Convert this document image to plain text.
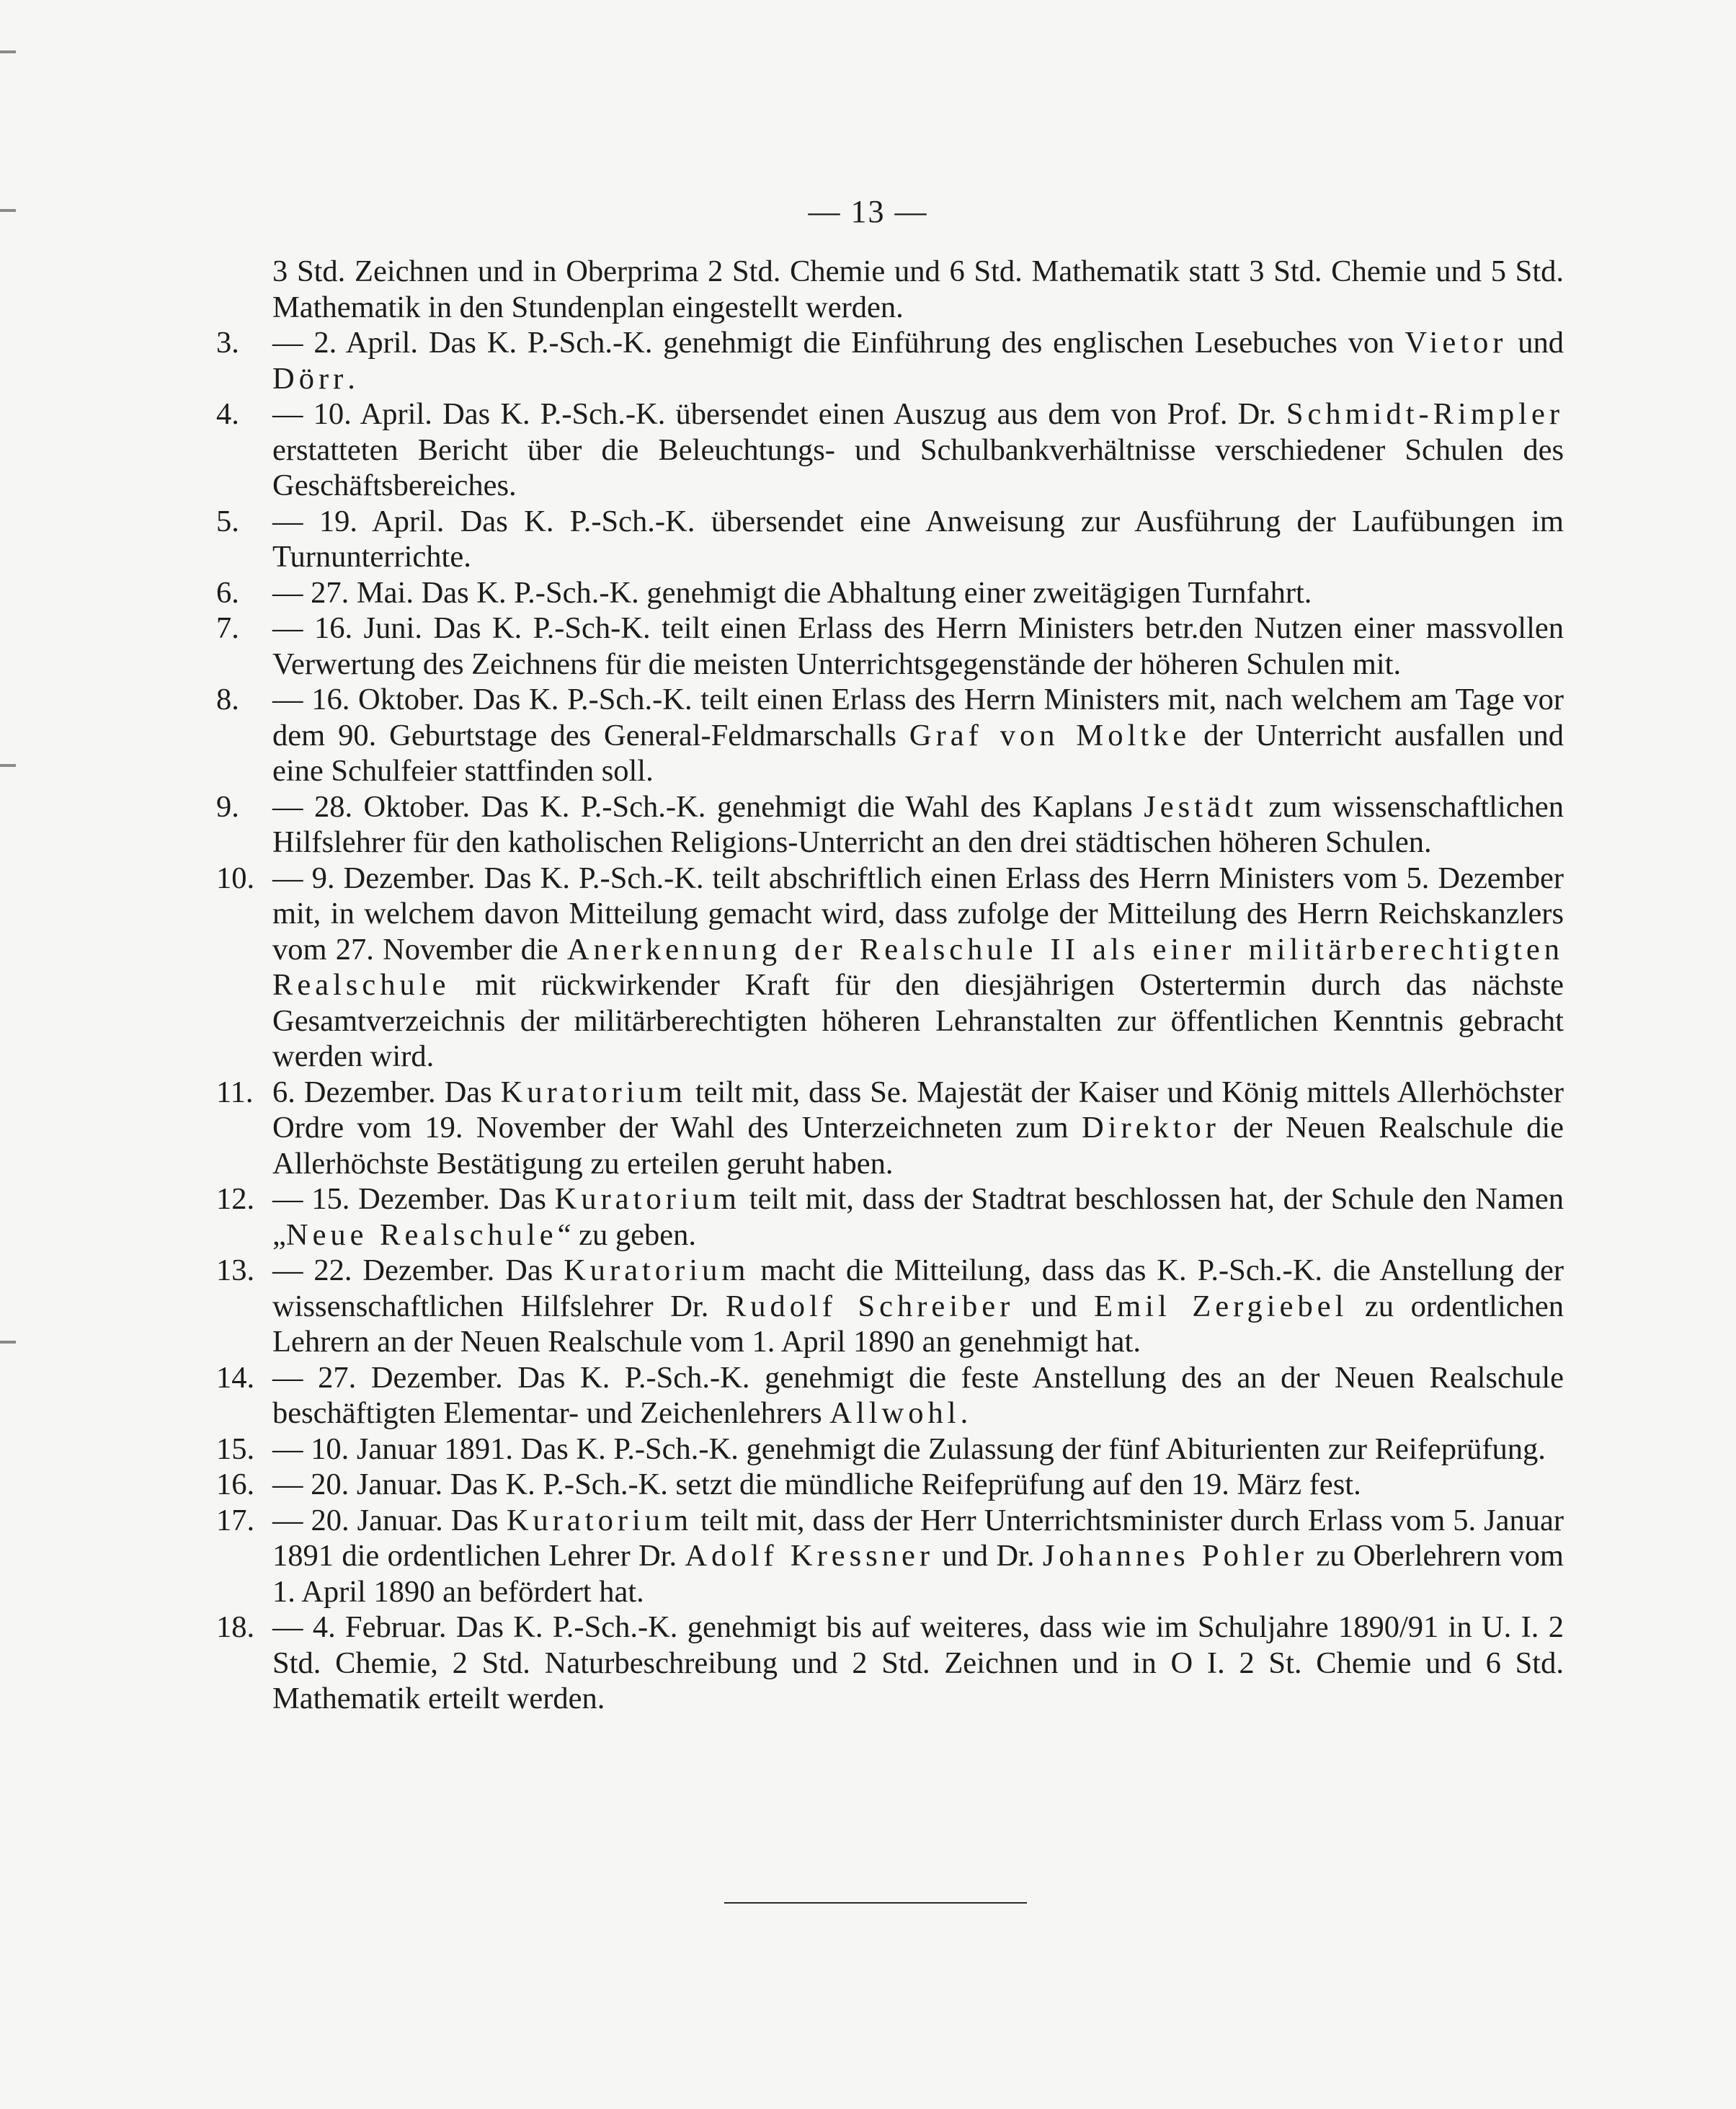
— 13 —
3 Std. Zeichnen und in Oberprima 2 Std. Chemie und 6 Std. Mathematik statt 3 Std. Chemie und 5 Std. Mathematik in den Stundenplan eingestellt werden.
3. — 2. April. Das K. P.-Sch.-K. genehmigt die Einführung des englischen Lesebuches von Vietor und Dörr.
4. — 10. April. Das K. P.-Sch.-K. übersendet einen Auszug aus dem von Prof. Dr. Schmidt-Rimpler erstatteten Bericht über die Beleuchtungs- und Schulbankverhältnisse verschiedener Schulen des Geschäftsbereiches.
5. — 19. April. Das K. P.-Sch.-K. übersendet eine Anweisung zur Ausführung der Laufübungen im Turnunterrichte.
6. — 27. Mai. Das K. P.-Sch.-K. genehmigt die Abhaltung einer zweitägigen Turnfahrt.
7. — 16. Juni. Das K. P.-Sch-K. teilt einen Erlass des Herrn Ministers betr.den Nutzen einer massvollen Verwertung des Zeichnens für die meisten Unterrichtsgegenstände der höheren Schulen mit.
8. — 16. Oktober. Das K. P.-Sch.-K. teilt einen Erlass des Herrn Ministers mit, nach welchem am Tage vor dem 90. Geburtstage des General-Feldmarschalls Graf von Moltke der Unterricht ausfallen und eine Schulfeier stattfinden soll.
9. — 28. Oktober. Das K. P.-Sch.-K. genehmigt die Wahl des Kaplans Jestädt zum wissenschaftlichen Hilfslehrer für den katholischen Religions-Unterricht an den drei städtischen höheren Schulen.
10. — 9. Dezember. Das K. P.-Sch.-K. teilt abschriftlich einen Erlass des Herrn Ministers vom 5. Dezember mit, in welchem davon Mitteilung gemacht wird, dass zufolge der Mitteilung des Herrn Reichskanzlers vom 27. November die Anerkennung der Realschule II als einer militärberechtigten Realschule mit rückwirkender Kraft für den diesjährigen Ostertermin durch das nächste Gesamtverzeichnis der militärberechtigten höheren Lehranstalten zur öffentlichen Kenntnis gebracht werden wird.
11. 6. Dezember. Das Kuratorium teilt mit, dass Se. Majestät der Kaiser und König mittels Allerhöchster Ordre vom 19. November der Wahl des Unterzeichneten zum Direktor der Neuen Realschule die Allerhöchste Bestätigung zu erteilen geruht haben.
12. — 15. Dezember. Das Kuratorium teilt mit, dass der Stadtrat beschlossen hat, der Schule den Namen „Neue Realschule“ zu geben.
13. — 22. Dezember. Das Kuratorium macht die Mitteilung, dass das K. P.-Sch.-K. die Anstellung der wissenschaftlichen Hilfslehrer Dr. Rudolf Schreiber und Emil Zergiebel zu ordentlichen Lehrern an der Neuen Realschule vom 1. April 1890 an genehmigt hat.
14. — 27. Dezember. Das K. P.-Sch.-K. genehmigt die feste Anstellung des an der Neuen Realschule beschäftigten Elementar- und Zeichenlehrers Allwohl.
15. — 10. Januar 1891. Das K. P.-Sch.-K. genehmigt die Zulassung der fünf Abiturienten zur Reifeprüfung.
16. — 20. Januar. Das K. P.-Sch.-K. setzt die mündliche Reifeprüfung auf den 19. März fest.
17. — 20. Januar. Das Kuratorium teilt mit, dass der Herr Unterrichtsminister durch Erlass vom 5. Januar 1891 die ordentlichen Lehrer Dr. Adolf Kressner und Dr. Johannes Pohler zu Oberlehrern vom 1. April 1890 an befördert hat.
18. — 4. Februar. Das K. P.-Sch.-K. genehmigt bis auf weiteres, dass wie im Schuljahre 1890/91 in U. I. 2 Std. Chemie, 2 Std. Naturbeschreibung und 2 Std. Zeichnen und in O I. 2 St. Chemie und 6 Std. Mathematik erteilt werden.
